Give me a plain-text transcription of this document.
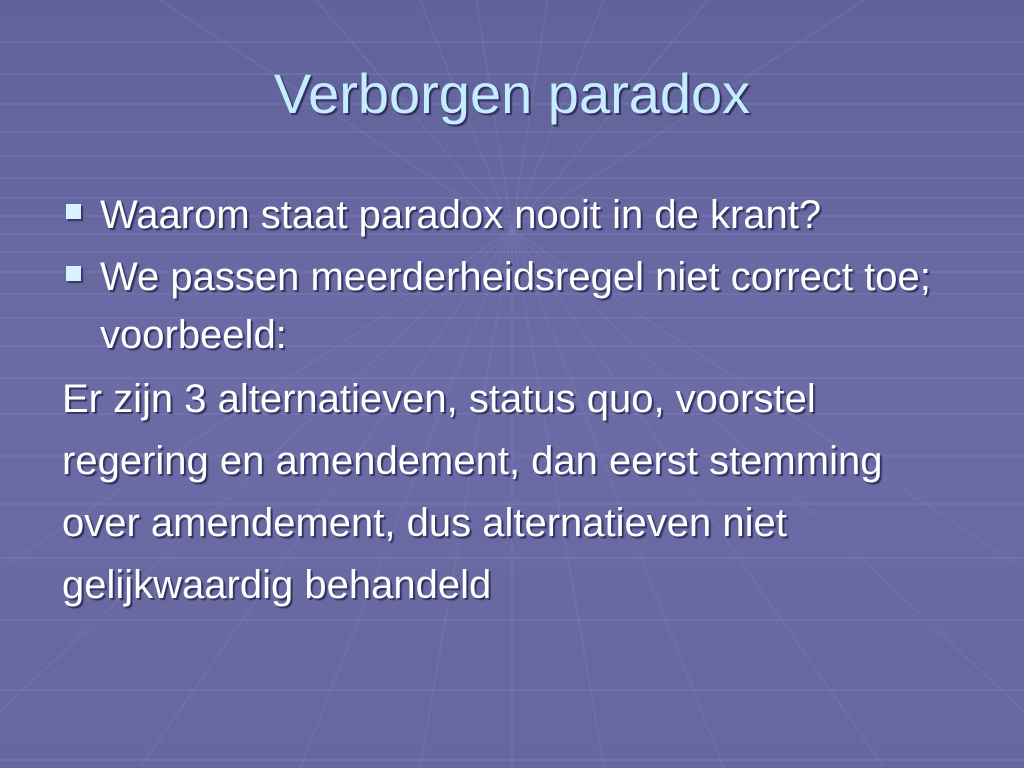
Verborgen paradox
Waarom staat paradox nooit in de krant?
We passen meerderheidsregel niet correct toe; voorbeeld:
Er zijn 3 alternatieven, status quo, voorstel
regering en amendement, dan eerst stemming
over amendement, dus alternatieven niet
gelijkwaardig behandeld
